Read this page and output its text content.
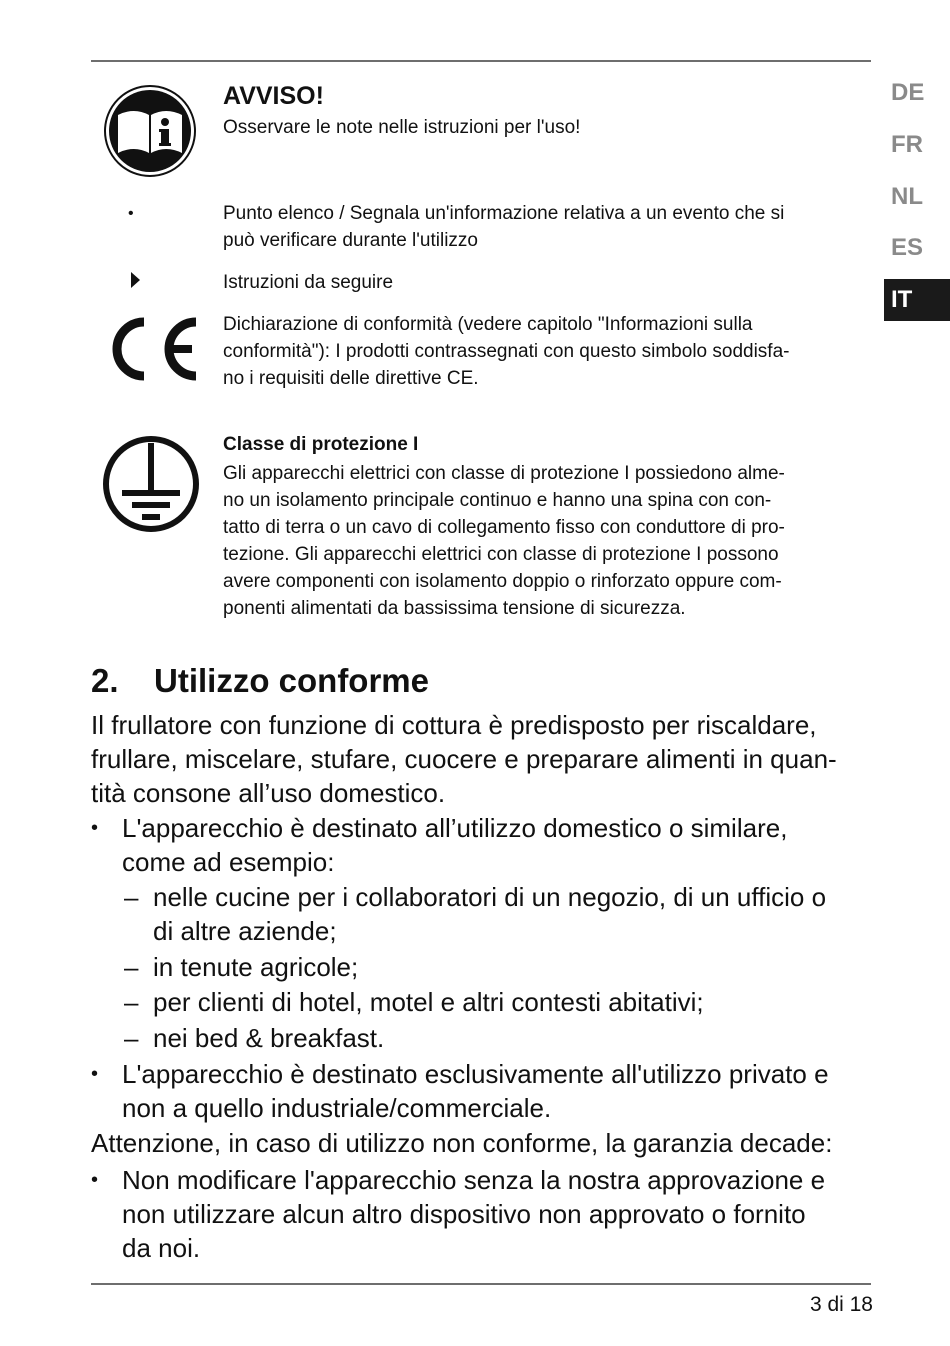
DE
FR
NL
ES
IT
AVVISO!
Osservare le note nelle istruzioni per l'uso!
•	Punto elenco / Segnala un'informazione relativa a un evento che si
può verificare durante l'utilizzo
Istruzioni da seguire
Dichiarazione di conformità (vedere capitolo "Informazioni sulla
conformità"): I prodotti contrassegnati con questo simbolo soddisfa-
no i requisiti delle direttive CE.
Classe di protezione I
Gli apparecchi elettrici con classe di protezione I possiedono alme-
no un isolamento principale continuo e hanno una spina con con-
tatto di terra o un cavo di collegamento fisso con conduttore di pro-
tezione. Gli apparecchi elettrici con classe di protezione I possono
avere componenti con isolamento doppio o rinforzato oppure com-
ponenti alimentati da bassissima tensione di sicurezza.
2. Utilizzo conforme
Il frullatore con funzione di cottura è predisposto per riscaldare,
frullare, miscelare, stufare, cuocere e preparare alimenti in quan-
tità consone all’uso domestico.
• L'apparecchio è destinato all’utilizzo domestico o similare,
come ad esempio:
– nelle cucine per i collaboratori di un negozio, di un ufficio o
di altre aziende;
– in tenute agricole;
– per clienti di hotel, motel e altri contesti abitativi;
– nei bed & breakfast.
• L'apparecchio è destinato esclusivamente all'utilizzo privato e
non a quello industriale/commerciale.
Attenzione, in caso di utilizzo non conforme, la garanzia decade:
• Non modificare l'apparecchio senza la nostra approvazione e
non utilizzare alcun altro dispositivo non approvato o fornito
da noi.
3 di 18
